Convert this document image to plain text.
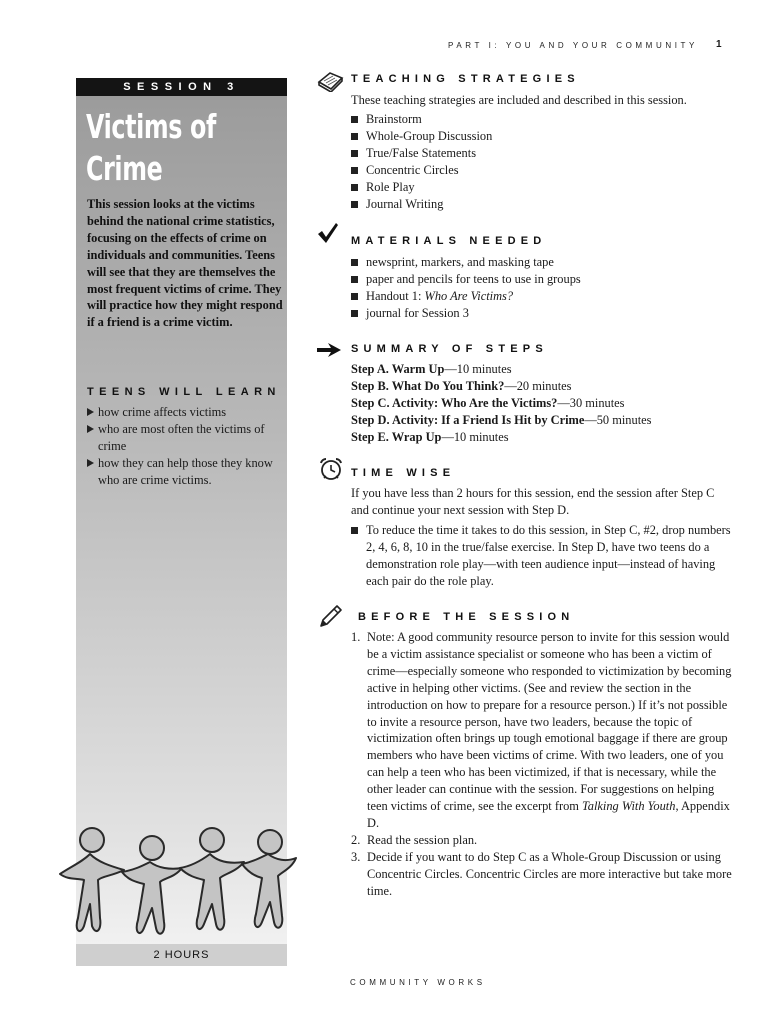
PART I: YOU AND YOUR COMMUNITY 1
SESSION 3
Victims of
Crime
This session looks at the victims behind the national crime statistics, focusing on the effects of crime on individuals and communities. Teens will see that they are themselves the most frequent victims of crime. They will practice how they might respond if a friend is a crime victim.
TEENS WILL LEARN
how crime affects victims
who are most often the victims of crime
how they can help those they know who are crime victims.
2 HOURS
TEACHING STRATEGIES
These teaching strategies are included and described in this session.
Brainstorm
Whole-Group Discussion
True/False Statements
Concentric Circles
Role Play
Journal Writing
MATERIALS NEEDED
newsprint, markers, and masking tape
paper and pencils for teens to use in groups
Handout 1: Who Are Victims?
journal for Session 3
SUMMARY OF STEPS
Step A. Warm Up—10 minutes
Step B. What Do You Think?—20 minutes
Step C. Activity: Who Are the Victims?—30 minutes
Step D. Activity: If a Friend Is Hit by Crime—50 minutes
Step E. Wrap Up—10 minutes
TIME WISE
If you have less than 2 hours for this session, end the session after Step C and continue your next session with Step D.
To reduce the time it takes to do this session, in Step C, #2, drop numbers 2, 4, 6, 8, 10 in the true/false exercise. In Step D, have two teens do a demonstration role play—with teen audience input—instead of having each pair do the role play.
BEFORE THE SESSION
1. Note: A good community resource person to invite for this session would be a victim assistance specialist or someone who has been a victim of crime—especially someone who responded to victimization by becoming active in helping other victims. (See and review the section in the introduction on how to prepare for a resource person.) If it’s not possible to invite a resource person, have two leaders, because the topic of victimization often brings up tough emotional baggage if there are group members who have been victims of crime. With two leaders, one of you can help a teen who has been victimized, if that is necessary, while the other leader can continue with the session. For suggestions on helping teen victims of crime, see the excerpt from Talking With Youth, Appendix D.
2. Read the session plan.
3. Decide if you want to do Step C as a Whole-Group Discussion or using Concentric Circles. Concentric Circles are more interactive but take more time.
COMMUNITY WORKS
